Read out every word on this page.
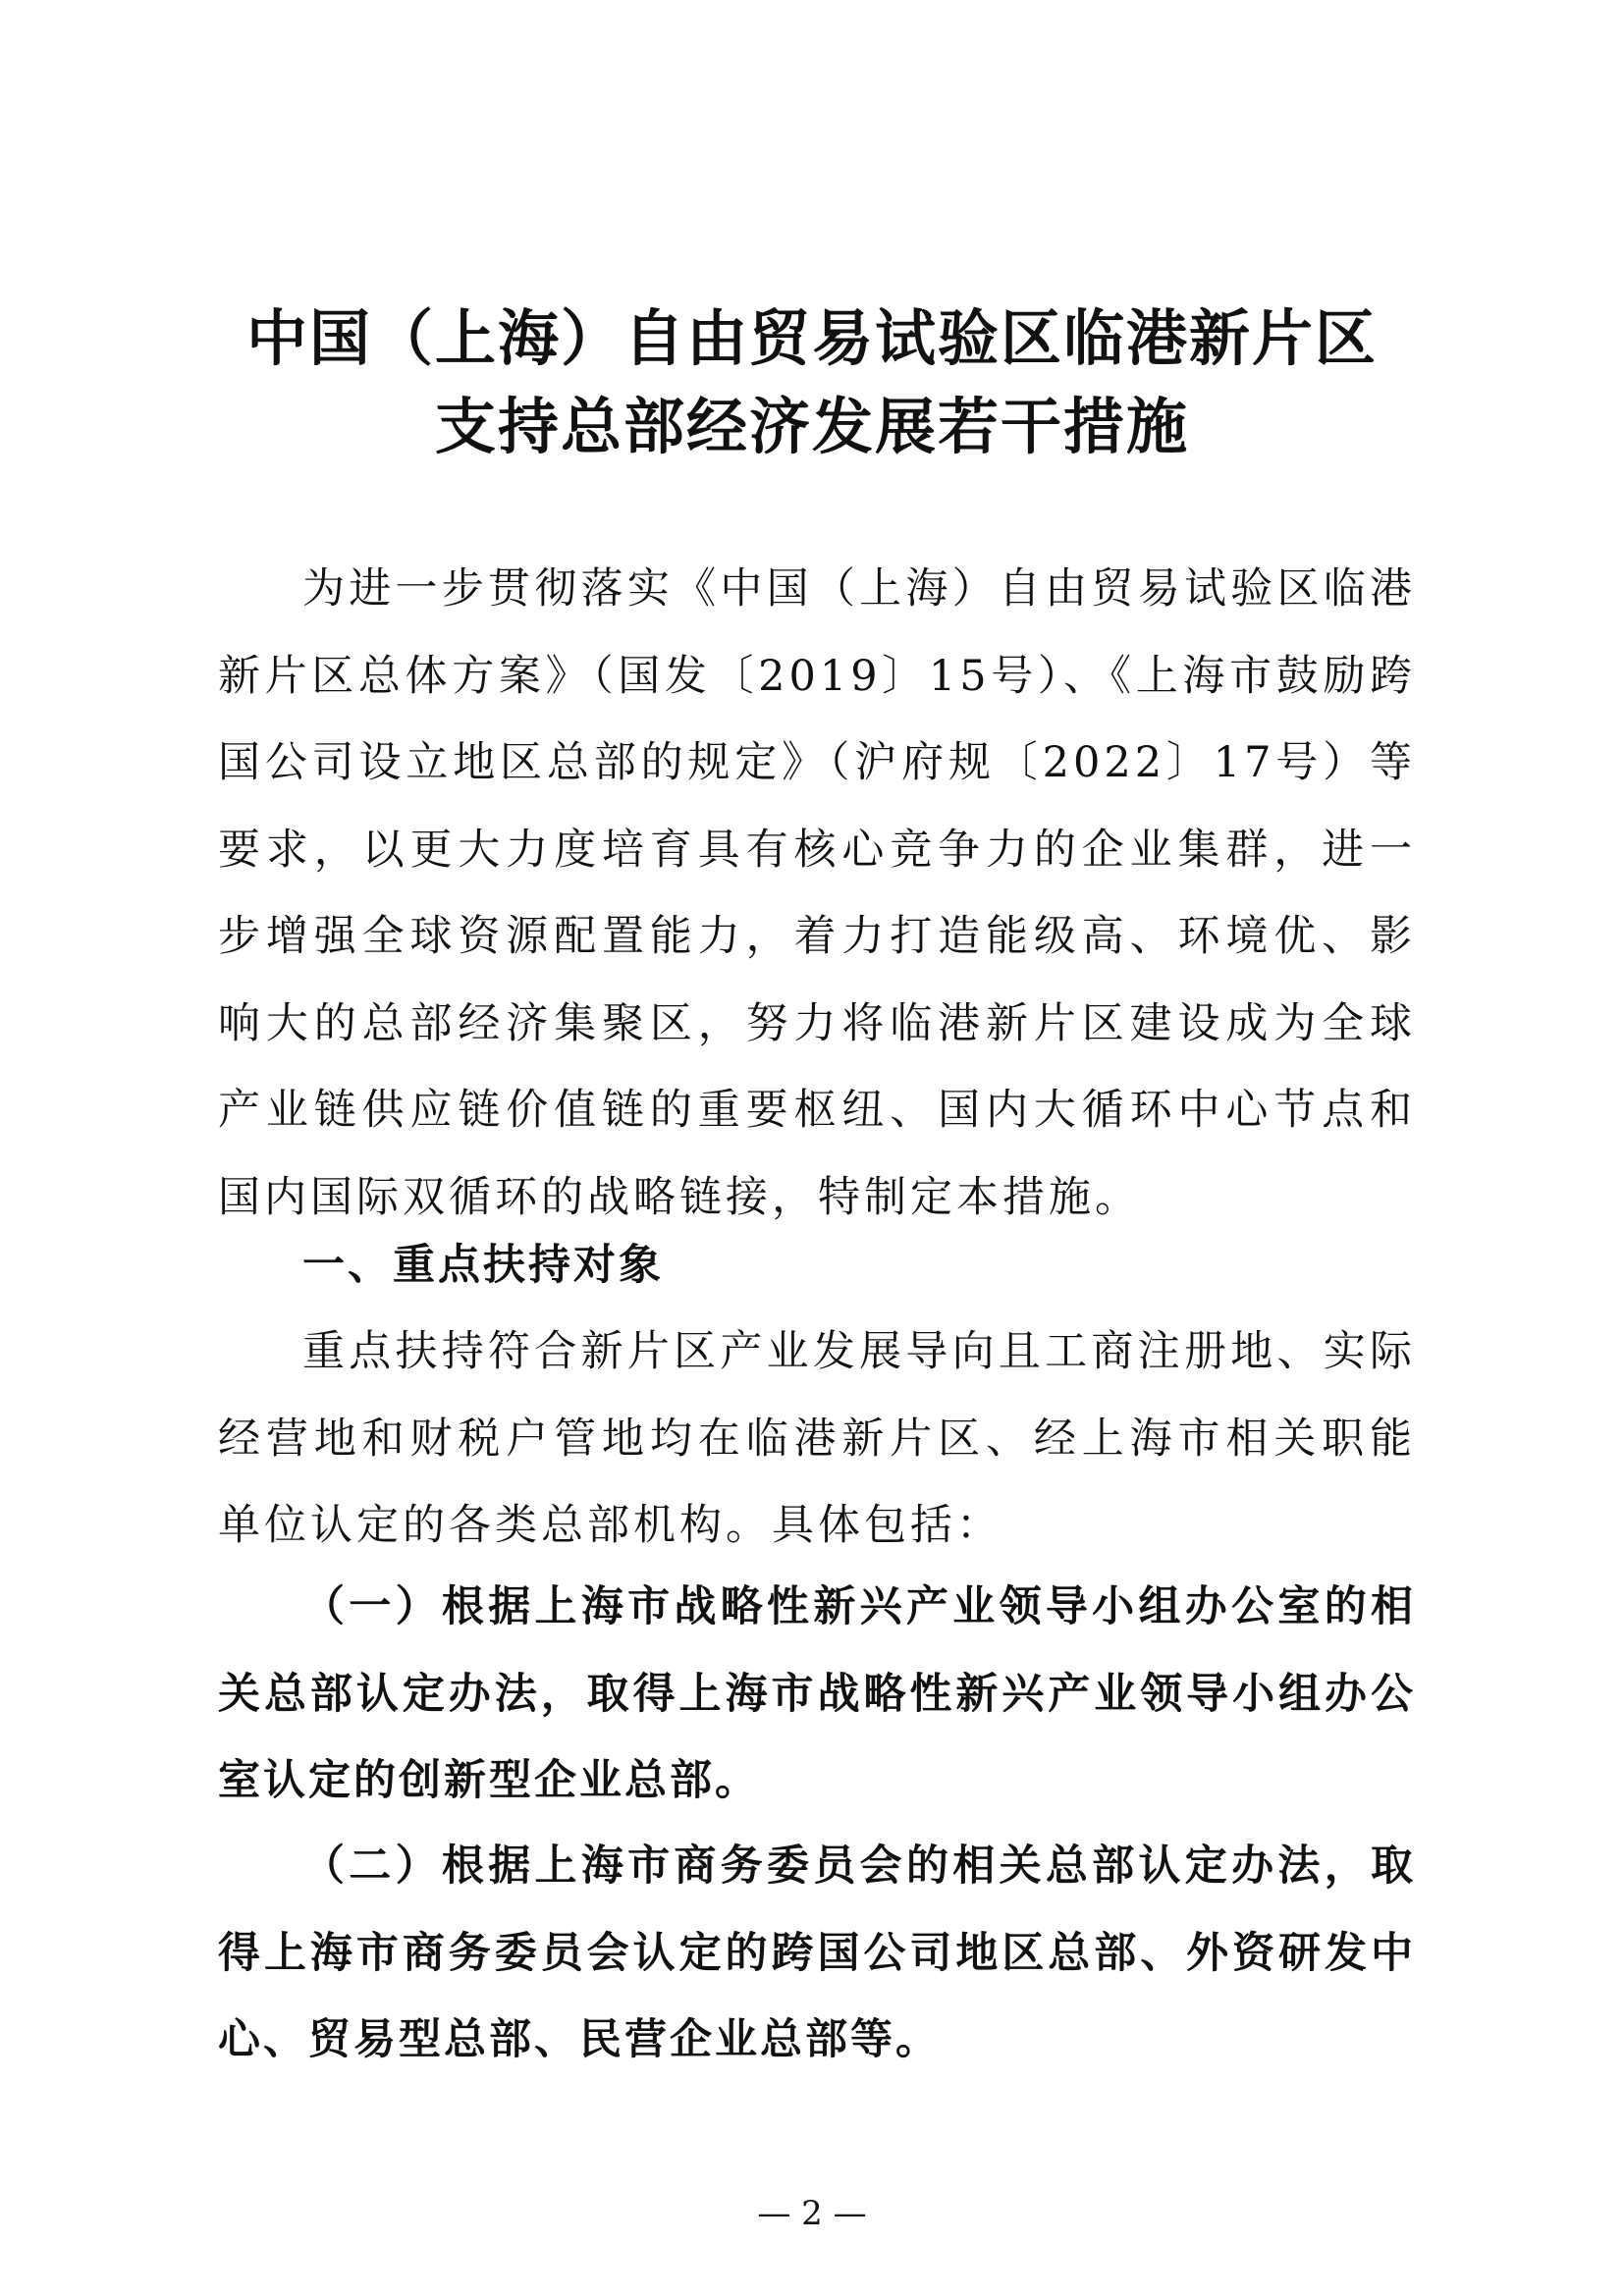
中国（上海）自由贸易试验区临港新片区
支持总部经济发展若干措施

为进一步贯彻落实《中国（上海）自由贸易试验区临港新片区总体方案》（国发〔2019〕15号）、《上海市鼓励跨国公司设立地区总部的规定》（沪府规〔2022〕17号）等要求，以更大力度培育具有核心竞争力的企业集群，进一步增强全球资源配置能力，着力打造能级高、环境优、影响大的总部经济集聚区，努力将临港新片区建设成为全球产业链供应链价值链的重要枢纽、国内大循环中心节点和国内国际双循环的战略链接，特制定本措施。

一、重点扶持对象

重点扶持符合新片区产业发展导向且工商注册地、实际经营地和财税户管地均在临港新片区、经上海市相关职能单位认定的各类总部机构。具体包括：

（一）根据上海市战略性新兴产业领导小组办公室的相关总部认定办法，取得上海市战略性新兴产业领导小组办公室认定的创新型企业总部。

（二）根据上海市商务委员会的相关总部认定办法，取得上海市商务委员会认定的跨国公司地区总部、外资研发中心、贸易型总部、民营企业总部等。

— 2 —
